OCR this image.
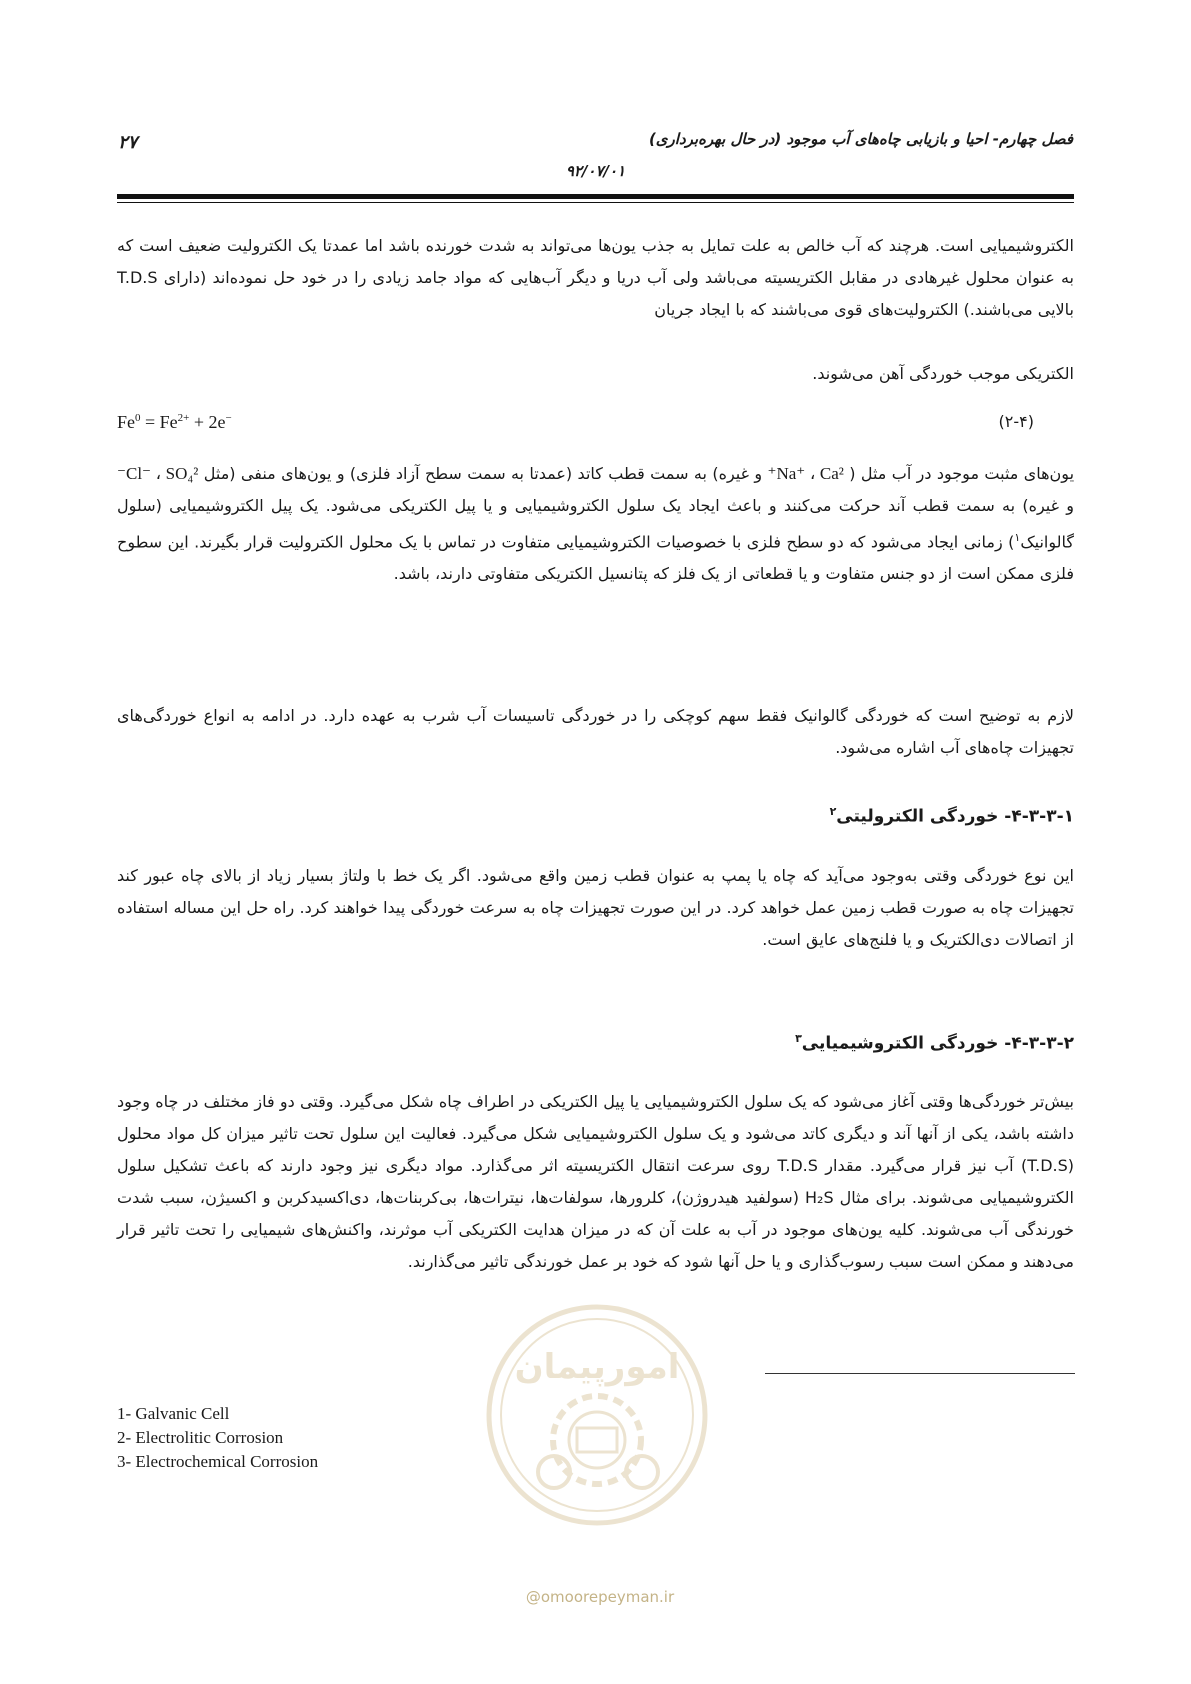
۲۷	فصل چهارم- احیا و بازیابی چاه‌های آب موجود (در حال بهره‌برداری)
۹۲/۰۷/۰۱
الکتروشیمیایی است. هرچند که آب خالص به علت تمایل به جذب یون‌ها می‌تواند به شدت خورنده باشد اما عمدتا یک الکترولیت ضعیف است که به عنوان محلول غیرهادی در مقابل الکتریسیته می‌باشد ولی آب دریا و دیگر آب‌هایی که مواد جامد زیادی را در خود حل نموده‌اند (دارای T.D.S بالایی می‌باشند.) الکترولیت‌های قوی می‌باشند که با ایجاد جریان
الکتریکی موجب خوردگی آهن می‌شوند.
$Fe^0 = Fe^{2+} + 2e^-$	(۲-۴)
یون‌های مثبت موجود در آب مثل ( Na⁺ ، Ca²⁺ و غیره) به سمت قطب کاتد (عمدتا به سمت سطح آزاد فلزی) و یون‌های منفی (مثل Cl⁻ ، SO₄²⁻ و غیره) به سمت قطب آند حرکت می‌کنند و باعث ایجاد یک سلول الکتروشیمیایی و یا پیل الکتریکی می‌شود. یک پیل الکتروشیمیایی (سلول گالوانیک$^۱$) زمانی ایجاد می‌شود که دو سطح فلزی با خصوصیات الکتروشیمیایی متفاوت در تماس با یک محلول الکترولیت قرار بگیرند. این سطوح فلزی ممکن است از دو جنس متفاوت و یا قطعاتی از یک فلز که پتانسیل الکتریکی متفاوتی دارند، باشد.
لازم به توضیح است که خوردگی گالوانیک فقط سهم کوچکی را در خوردگی تاسیسات آب شرب به عهده دارد. در ادامه به انواع خوردگی‌های تجهیزات چاه‌های آب اشاره می‌شود.
۴-۳-۳-۱- خوردگی الکترولیتی$^۲$
این نوع خوردگی وقتی به‌وجود می‌آید که چاه یا پمپ به عنوان قطب زمین واقع می‌شود. اگر یک خط با ولتاژ بسیار زیاد از بالای چاه عبور کند تجهیزات چاه به صورت قطب زمین عمل خواهد کرد. در این صورت تجهیزات چاه به سرعت خوردگی پیدا خواهند کرد. راه حل این مساله استفاده از اتصالات دی‌الکتریک و یا فلنج‌های عایق است.
۴-۳-۳-۲- خوردگی الکتروشیمیایی$^۳$
بیش‌تر خوردگی‌ها وقتی آغاز می‌شود که یک سلول الکتروشیمیایی یا پیل الکتریکی در اطراف چاه شکل می‌گیرد. وقتی دو فاز مختلف در چاه وجود داشته باشد، یکی از آنها آند و دیگری کاتد می‌شود و یک سلول الکتروشیمیایی شکل می‌گیرد. فعالیت این سلول تحت تاثیر میزان کل مواد محلول (T.D.S) آب نیز قرار می‌گیرد. مقدار T.D.S روی سرعت انتقال الکتریسیته اثر می‌گذارد. مواد دیگری نیز وجود دارند که باعث تشکیل سلول الکتروشیمیایی می‌شوند. برای مثال H₂S (سولفید هیدروژن)، کلرورها، سولفات‌ها، نیترات‌ها، بی‌کربنات‌ها، دی‌اکسیدکربن و اکسیژن، سبب شدت خورندگی آب می‌شوند. کلیه یون‌های موجود در آب به علت آن که در میزان هدایت الکتریکی آب موثرند، واکنش‌های شیمیایی را تحت تاثیر قرار می‌دهند و ممکن است سبب رسوب‌گذاری و یا حل آنها شود که خود بر عمل خورندگی تاثیر می‌گذارند.
1- Galvanic Cell
2- Electrolitic Corrosion
3- Electrochemical Corrosion
امورپیمان
@omoorepeyman.ir
